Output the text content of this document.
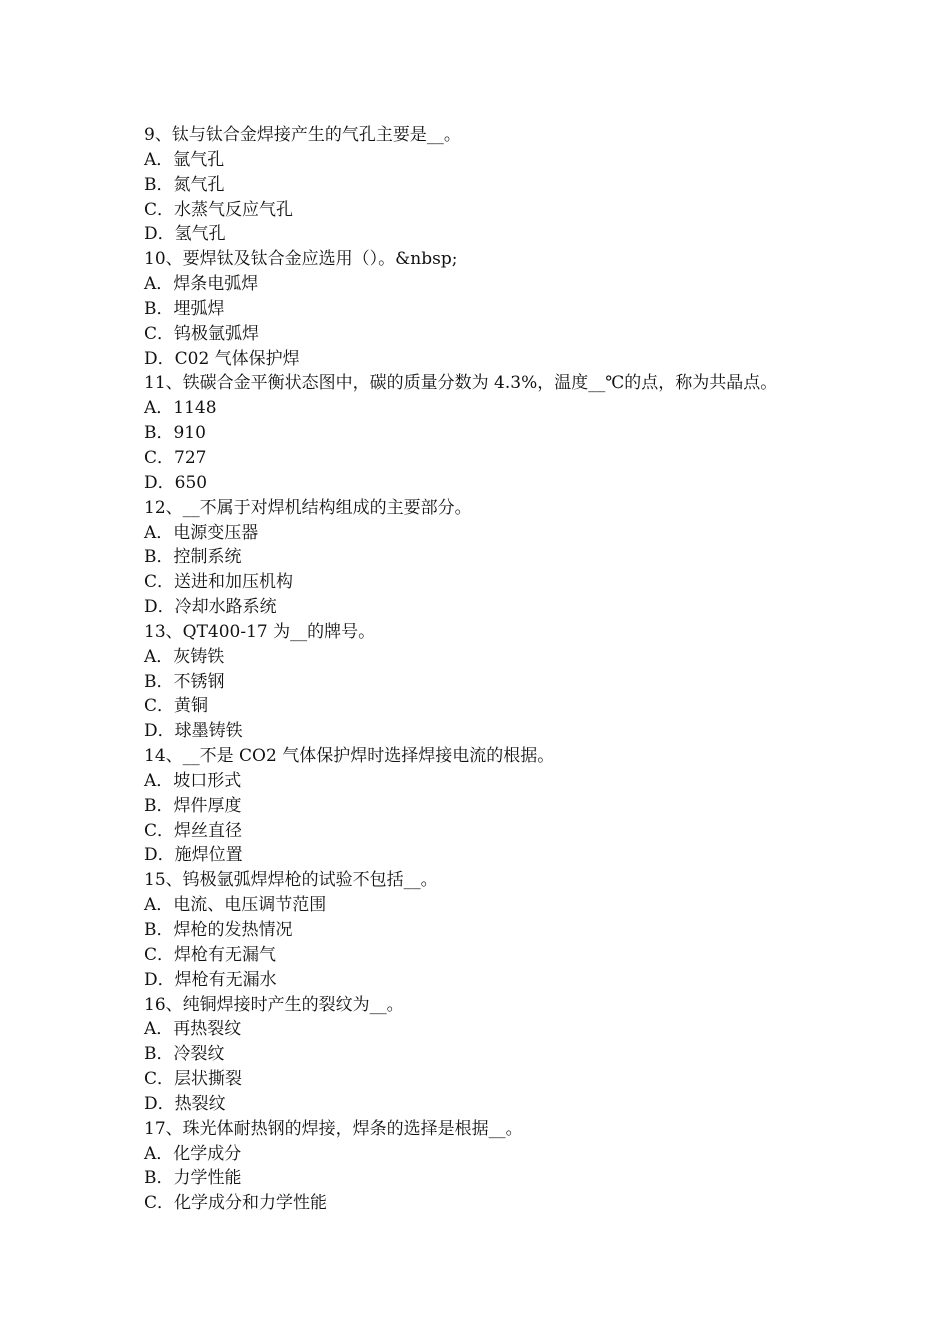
9、钛与钛合金焊接产生的气孔主要是__。
A．氩气孔
B．氮气孔
C．水蒸气反应气孔
D．氢气孔
10、要焊钛及钛合金应选用（）。&nbsp;
A．焊条电弧焊
B．埋弧焊
C．钨极氩弧焊
D．C02 气体保护焊
11、铁碳合金平衡状态图中，碳的质量分数为 4.3%，温度__℃的点，称为共晶点。
A．1148
B．910
C．727
D．650
12、__不属于对焊机结构组成的主要部分。
A．电源变压器
B．控制系统
C．送进和加压机构
D．冷却水路系统
13、QT400-17 为__的牌号。
A．灰铸铁
B．不锈钢
C．黄铜
D．球墨铸铁
14、__不是 CO2 气体保护焊时选择焊接电流的根据。
A．坡口形式
B．焊件厚度
C．焊丝直径
D．施焊位置
15、钨极氩弧焊焊枪的试验不包括__。
A．电流、电压调节范围
B．焊枪的发热情况
C．焊枪有无漏气
D．焊枪有无漏水
16、纯铜焊接时产生的裂纹为__。
A．再热裂纹
B．冷裂纹
C．层状撕裂
D．热裂纹
17、珠光体耐热钢的焊接，焊条的选择是根据__。
A．化学成分
B．力学性能
C．化学成分和力学性能
